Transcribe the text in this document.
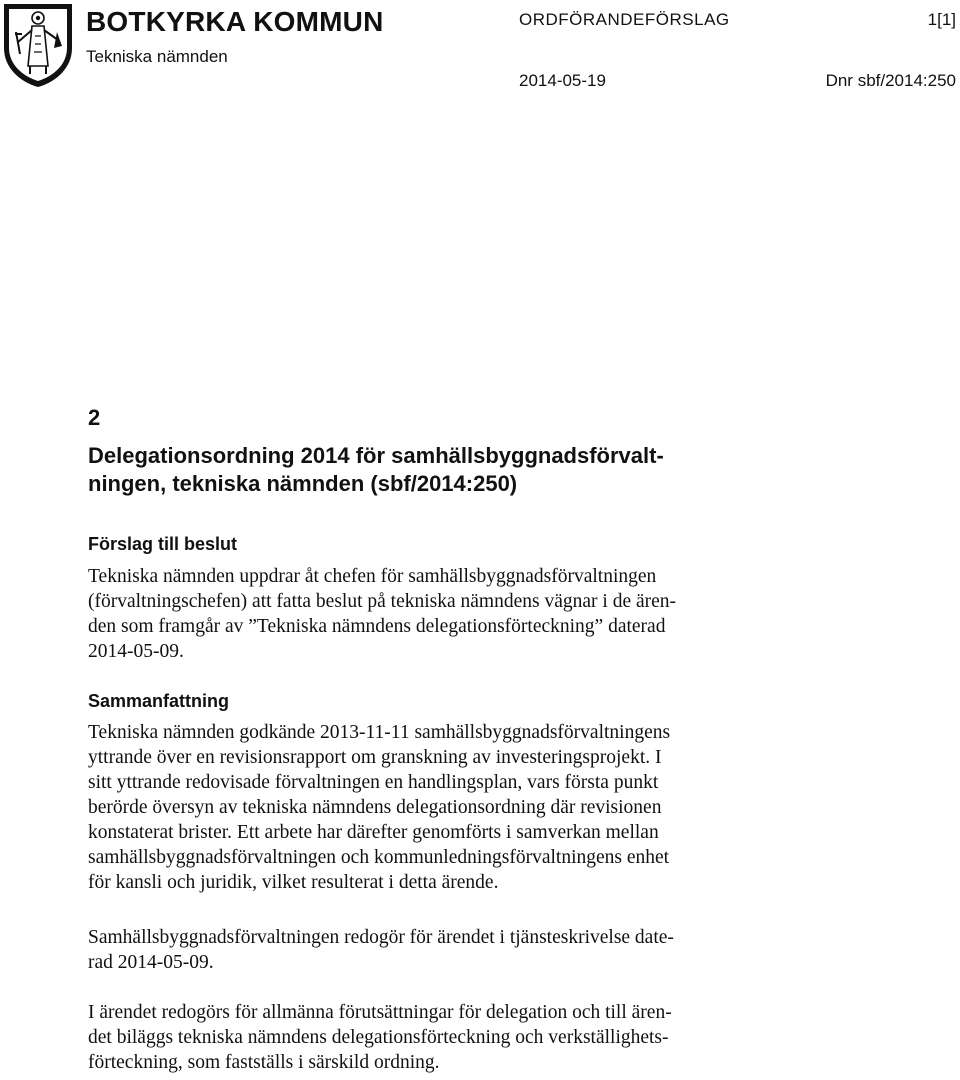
BOTKYRKA KOMMUN
Tekniska nämnden
ORDFÖRANDEFÖRSLAG	1[1]
2014-05-19	Dnr sbf/2014:250
2
Delegationsordning 2014 för samhällsbyggnadsförvalt-
ningen, tekniska nämnden (sbf/2014:250)
Förslag till beslut

Tekniska nämnden uppdrar åt chefen för samhällsbyggnadsförvaltningen
(förvaltningschefen) att fatta beslut på tekniska nämndens vägnar i de ären-
den som framgår av ”Tekniska nämndens delegationsförteckning” daterad
2014-05-09.

Sammanfattning

Tekniska nämnden godkände 2013-11-11 samhällsbyggnadsförvaltningens
yttrande över en revisionsrapport om granskning av investeringsprojekt. I
sitt yttrande redovisade förvaltningen en handlingsplan, vars första punkt
berörde översyn av tekniska nämndens delegationsordning där revisionen
konstaterat brister. Ett arbete har därefter genomförts i samverkan mellan
samhällsbyggnadsförvaltningen och kommunledningsförvaltningens enhet
för kansli och juridik, vilket resulterat i detta ärende.

Samhällsbyggnadsförvaltningen redogör för ärendet i tjänsteskrivelse date-
rad 2014-05-09.

I ärendet redogörs för allmänna förutsättningar för delegation och till ären-
det biläggs tekniska nämndens delegationsförteckning och verkställighets-
förteckning, som fastställs i särskild ordning.
